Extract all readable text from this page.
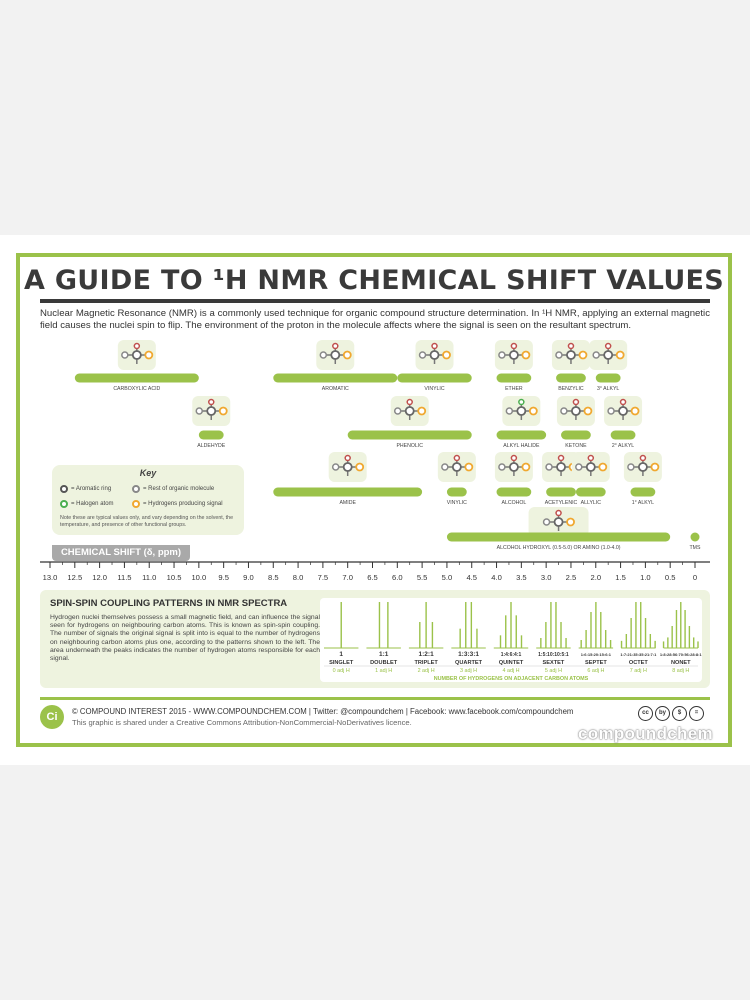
A GUIDE TO ¹H NMR CHEMICAL SHIFT VALUES
Nuclear Magnetic Resonance (NMR) is a commonly used technique for organic compound structure determination. In ¹H NMR, applying an external magnetic field causes the nuclei spin to flip. The environment of the proton in the molecule affects where the signal is seen on the resultant spectrum.
CARBOXYLIC ACID	AROMATIC	VINYLIC	ETHER	BENZYLIC	3° ALKYL
ALDEHYDE	PHENOLIC	ALKYL HALIDE	KETONE	2° ALKYL
AMIDE	VINYLIC	ALCOHOL	ACETYLENIC ALLYLIC	1° ALKYL
ALCOHOL HYDROXYL (0.5-5.0) OR AMINO (1.0-4.0)	TMS
13.0 12.5 12.0 11.5 11.0 10.5 10.0 9.5 9.0 8.5 8.0 7.5 7.0 6.5 6.0 5.5 5.0 4.5 4.0 3.5 3.0 2.5 2.0 1.5 1.0 0.5 0
Key
= Aromatic ring	= Rest of organic molecule
= Halogen atom	= Hydrogens producing signal
Note these are typical values only, and vary depending on the solvent, the temperature, and presence of other functional groups.
CHEMICAL SHIFT (δ, ppm)
SPIN-SPIN COUPLING PATTERNS IN NMR SPECTRA
Hydrogen nuclei themselves possess a small magnetic field, and can influence the signal seen for hydrogens on neighbouring carbon atoms. This is known as spin-spin coupling. The number of signals the original signal is split into is equal to the number of hydrogens on neighbouring carbon atoms plus one, according to the patterns shown to the left. The area underneath the peaks indicates the number of hydrogen atoms responsible for each signal.
1
SINGLET
0 adj H
1:1
DOUBLET
1 adj H
1:2:1
TRIPLET
2 adj H
1:3:3:1
QUARTET
3 adj H
1:4:6:4:1
QUINTET
4 adj H
1:5:10:10:5:1
SEXTET
5 adj H
1:6:15:20:15:6:1
SEPTET
6 adj H
1:7:21:35:35:21:7:1
OCTET
7 adj H
1:8:28:56:70:56:28:8:1
NONET
8 adj H
NUMBER OF HYDROGENS ON ADJACENT CARBON ATOMS
Ci	© COMPOUND INTEREST 2015 - WWW.COMPOUNDCHEM.COM | Twitter: @compoundchem | Facebook: www.facebook.com/compoundchem
This graphic is shared under a Creative Commons Attribution-NonCommercial-NoDerivatives licence.
cc	by	$	=
compoundchem
